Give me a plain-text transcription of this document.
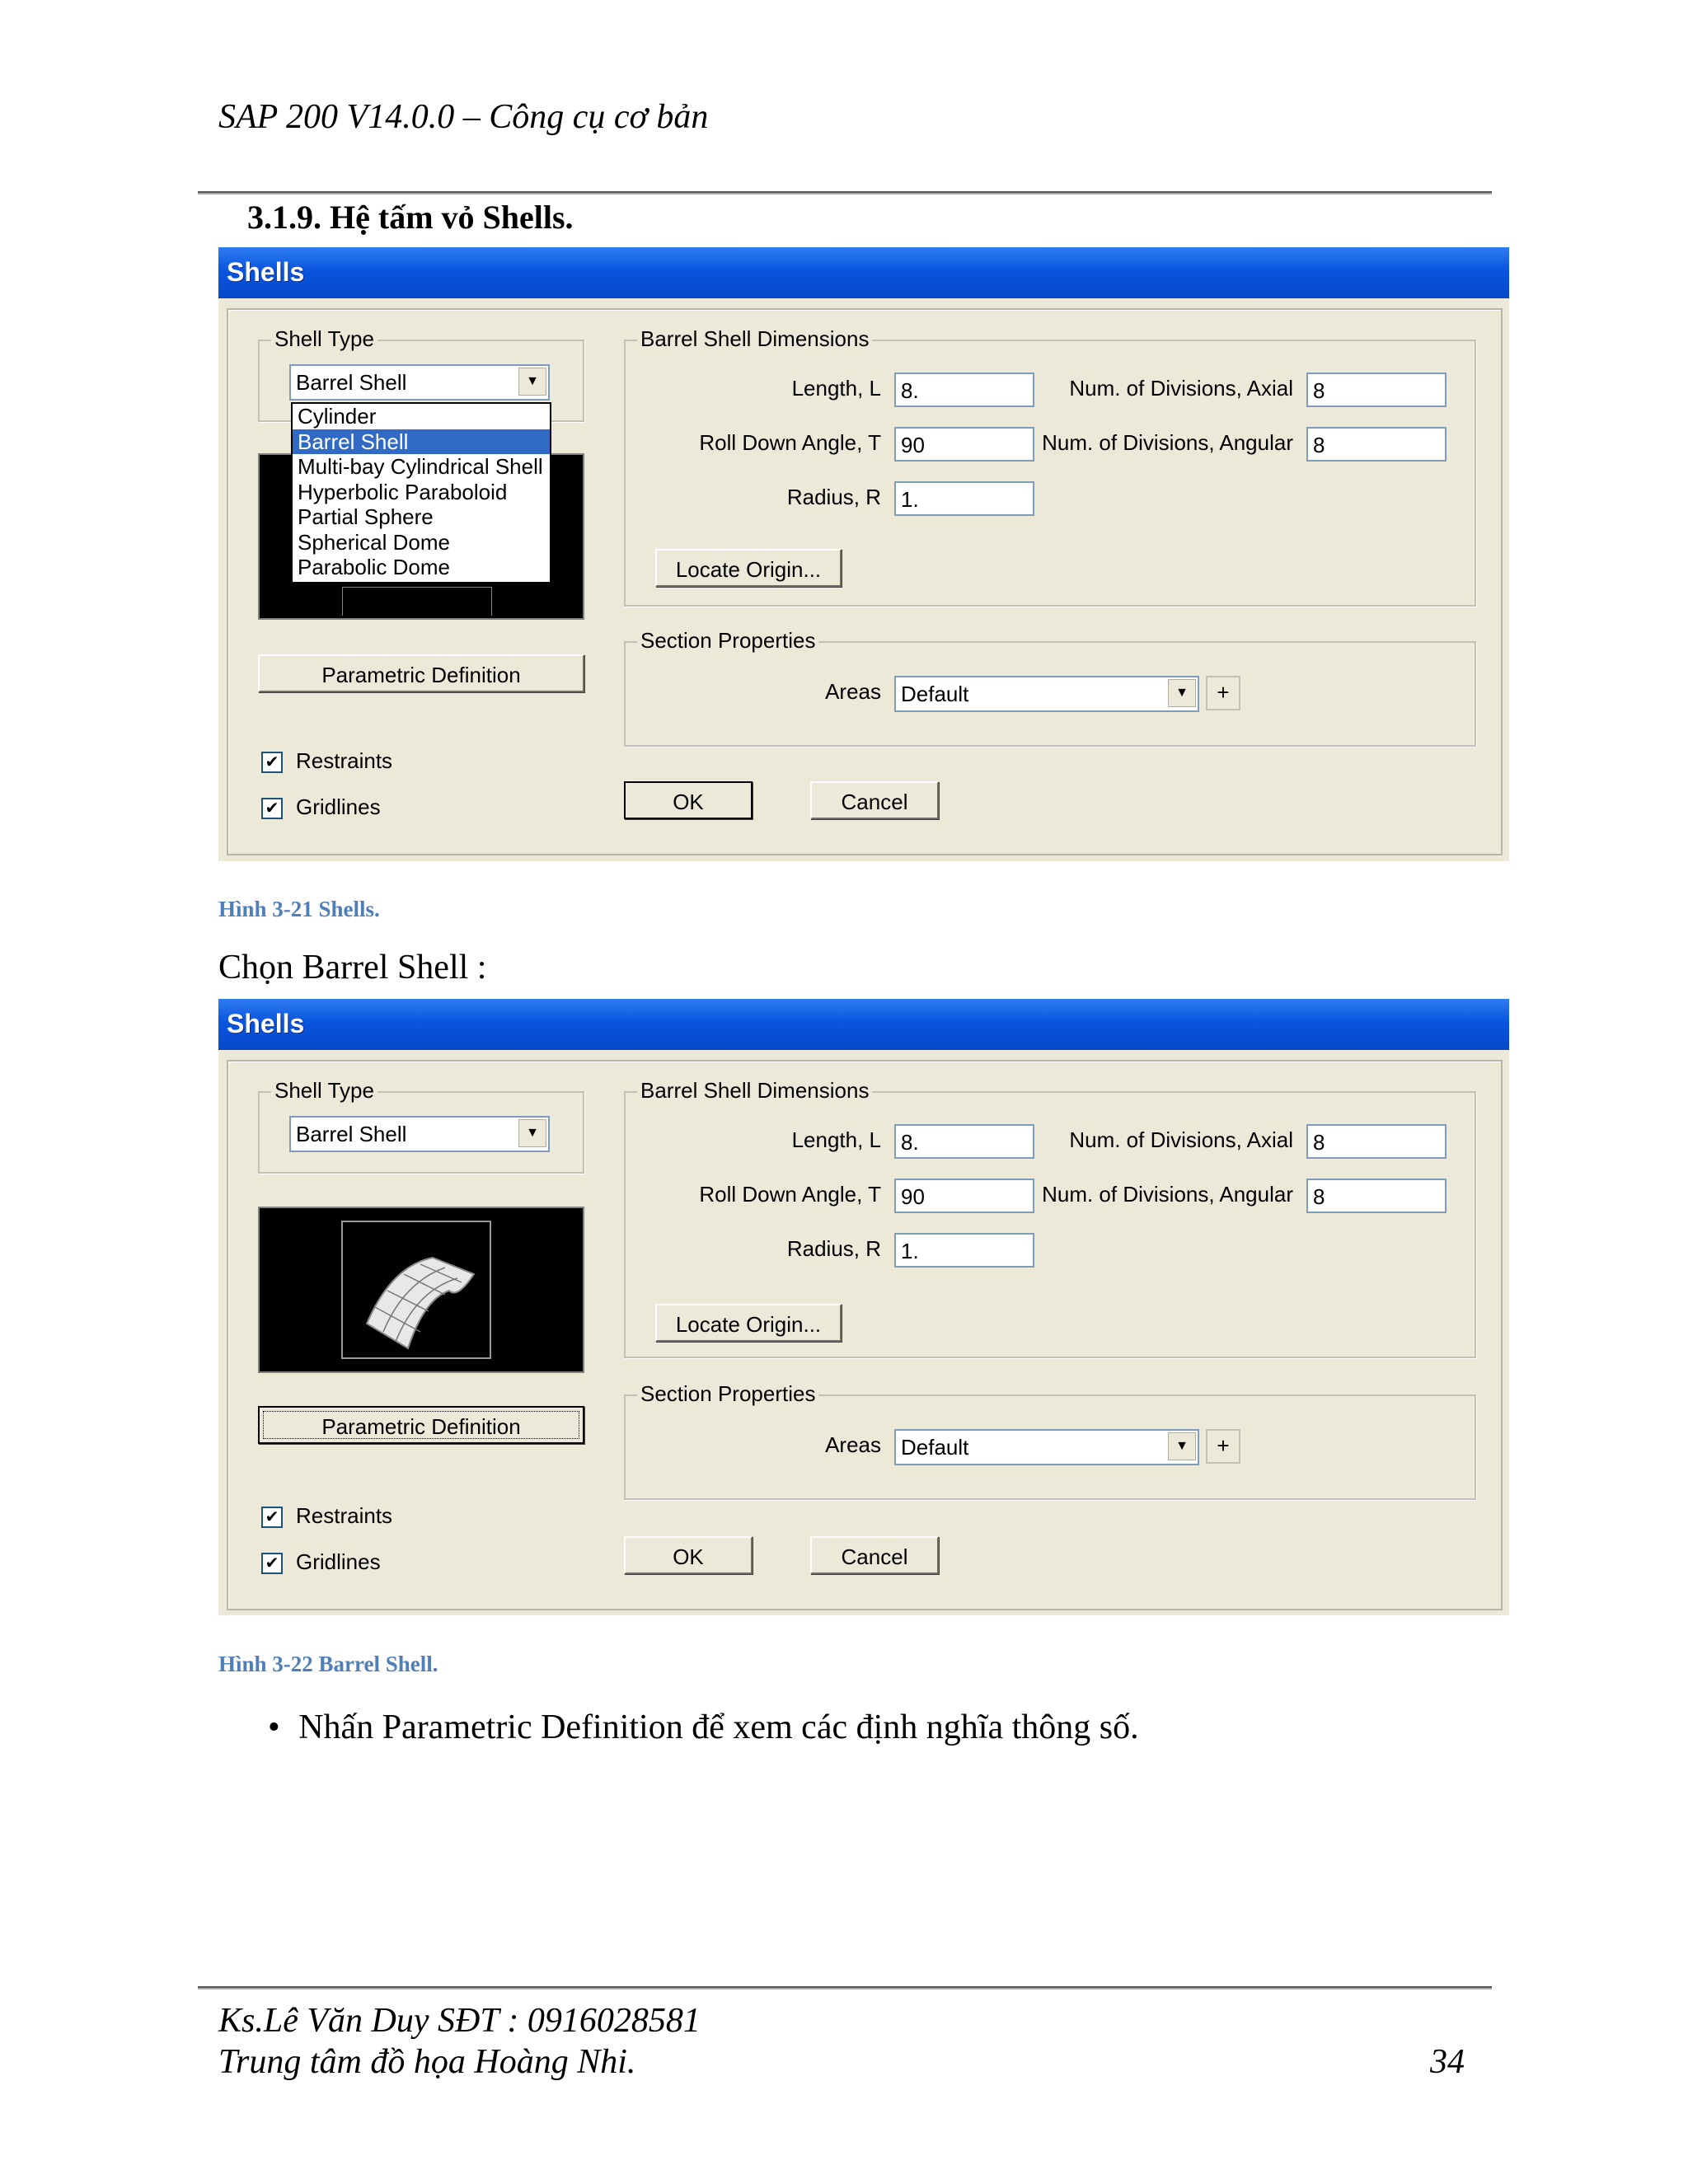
SAP 200 V14.0.0 – Công cụ cơ bản
3.1.9. Hệ tấm vỏ Shells.
Shells
Shell Type
Barrel Shell	▼
Cylinder
Barrel Shell
Multi-bay Cylindrical Shell
Hyperbolic Paraboloid
Partial Sphere
Spherical Dome
Parabolic Dome
Parametric Definition
✔ Restraints
✔ Gridlines
Barrel Shell Dimensions
Length, L 8.
Roll Down Angle, T 90
Radius, R 1.
Num. of Divisions, Axial 8
Num. of Divisions, Angular 8
Locate Origin...
Section Properties
Areas Default	▼	+
OK	Cancel
Hình 3-21 Shells.
Chọn Barrel Shell :
Shells
Shell Type
Barrel Shell	▼
Parametric Definition
✔ Restraints
✔ Gridlines
Barrel Shell Dimensions
Length, L 8.
Roll Down Angle, T 90
Radius, R 1.
Num. of Divisions, Axial 8
Num. of Divisions, Angular 8
Locate Origin...
Section Properties
Areas Default	▼	+
OK	Cancel
Hình 3-22 Barrel Shell.
• Nhấn Parametric Definition để xem các định nghĩa thông số.
Ks.Lê Văn Duy SĐT : 0916028581
Trung tâm đồ họa Hoàng Nhi.	34
